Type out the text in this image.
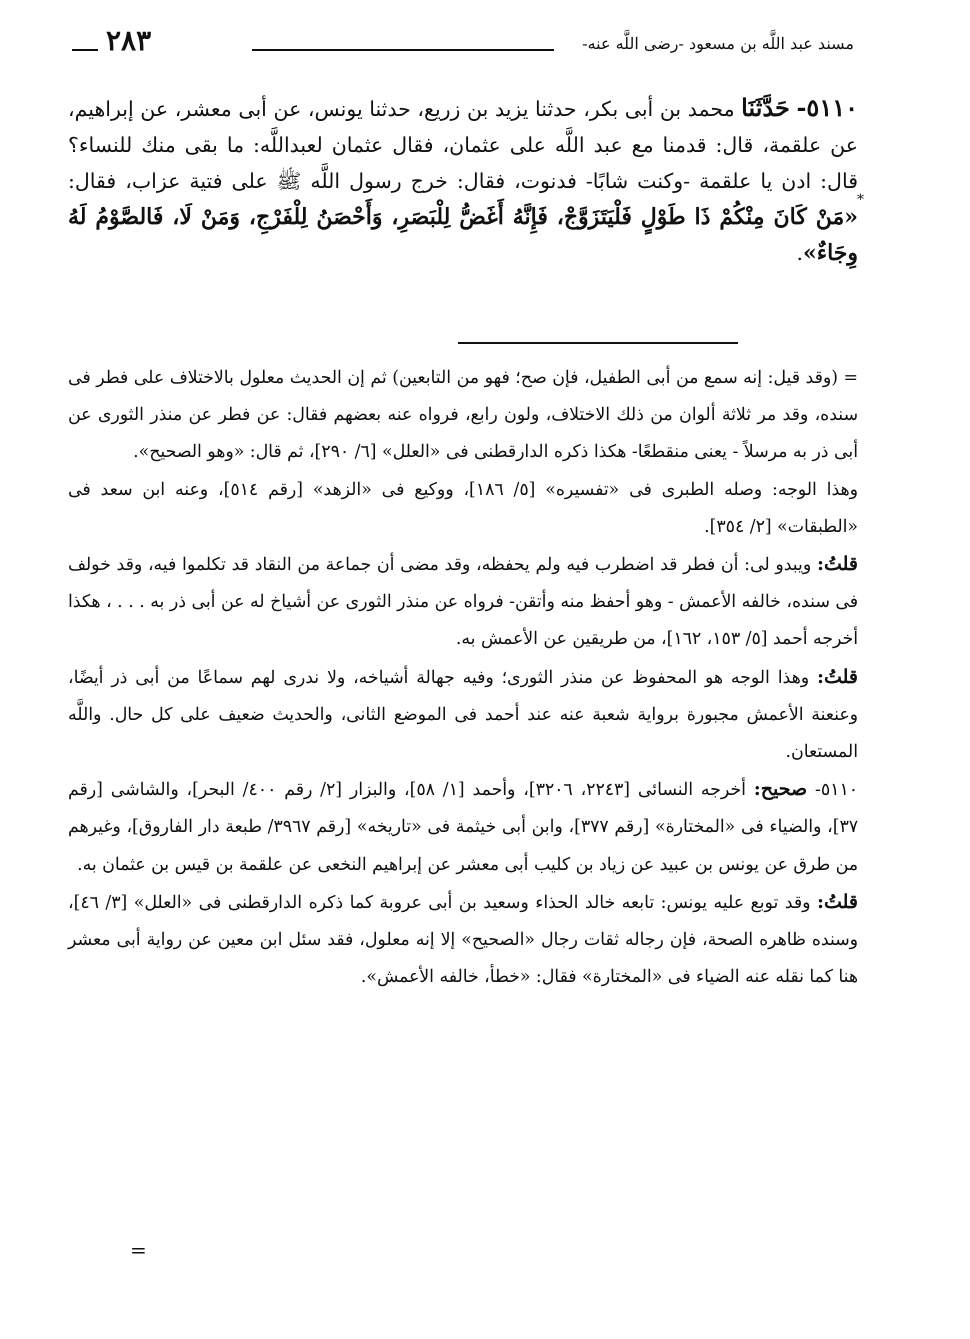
مسند عبد اللَّه بن مسعود -رضى اللَّه عنه-
٢٨٣

٥١١٠- حَدَّثَنَا محمد بن أبى بكر، حدثنا يزيد بن زريع، حدثنا يونس، عن أبى معشر، عن إبراهيم، عن علقمة، قال: قدمنا مع عبد اللَّه على عثمان، فقال عثمان لعبداللَّه: ما بقى منك للنساء؟ قال: ادن يا علقمة -وكنت شابًا- فدنوت، فقال: خرج رسول اللَّه ﷺ على فتية عزاب، فقال: «مَنْ كَانَ مِنْكُمْ ذَا طَوْلٍ فَلْيَتَزَوَّجْ، فَإِنَّهُ أَغَضُّ لِلْبَصَرِ، وَأَحْصَنُ لِلْفَرْجِ، وَمَنْ لَا، فَالصَّوْمُ لَهُ وِجَاءٌ».

*

= (وقد قيل: إنه سمع من أبى الطفيل، فإن صح؛ فهو من التابعين) ثم إن الحديث معلول بالاختلاف على فطر فى سنده، وقد مر ثلاثة ألوان من ذلك الاختلاف، ولون رابع، فرواه عنه بعضهم فقال: عن فطر عن منذر الثورى عن أبى ذر به مرسلاً - يعنى منقطعًا- هكذا ذكره الدارقطنى فى «العلل» [٦/ ٢٩٠]، ثم قال: «وهو الصحيح».

وهذا الوجه: وصله الطبرى فى «تفسيره» [٥/ ١٨٦]، ووكيع فى «الزهد» [رقم ٥١٤]، وعنه ابن سعد فى «الطبقات» [٢/ ٣٥٤].

قلتُ: ويبدو لى: أن فطر قد اضطرب فيه ولم يحفظه، وقد مضى أن جماعة من النقاد قد تكلموا فيه، وقد خولف فى سنده، خالفه الأعمش - وهو أحفظ منه وأتقن- فرواه عن منذر الثورى عن أشياخ له عن أبى ذر به . . . ، هكذا أخرجه أحمد [٥/ ١٥٣، ١٦٢]، من طريقين عن الأعمش به.

قلتُ: وهذا الوجه هو المحفوظ عن منذر الثورى؛ وفيه جهالة أشياخه، ولا ندرى لهم سماعًا من أبى ذر أيضًا، وعنعنة الأعمش مجبورة برواية شعبة عنه عند أحمد فى الموضع الثانى، والحديث ضعيف على كل حال. واللَّه المستعان.

٥١١٠- صحيح: أخرجه النسائى [٢٢٤٣، ٣٢٠٦]، وأحمد [١/ ٥٨]، والبزار [٢/ رقم ٤٠٠/ البحر]، والشاشى [رقم ٣٧]، والضياء فى «المختارة» [رقم ٣٧٧]، وابن أبى خيثمة فى «تاريخه» [رقم ٣٩٦٧/ طبعة دار الفاروق]، وغيرهم من طرق عن يونس بن عبيد عن زياد بن كليب أبى معشر عن إبراهيم النخعى عن علقمة بن قيس بن عثمان به.

قلتُ: وقد توبع عليه يونس: تابعه خالد الحذاء وسعيد بن أبى عروبة كما ذكره الدارقطنى فى «العلل» [٣/ ٤٦]، وسنده ظاهره الصحة، فإن رجاله ثقات رجال «الصحيح» إلا إنه معلول، فقد سئل ابن معين عن رواية أبى معشر هنا كما نقله عنه الضياء فى «المختارة» فقال: «خطأ، خالفه الأعمش».

=
